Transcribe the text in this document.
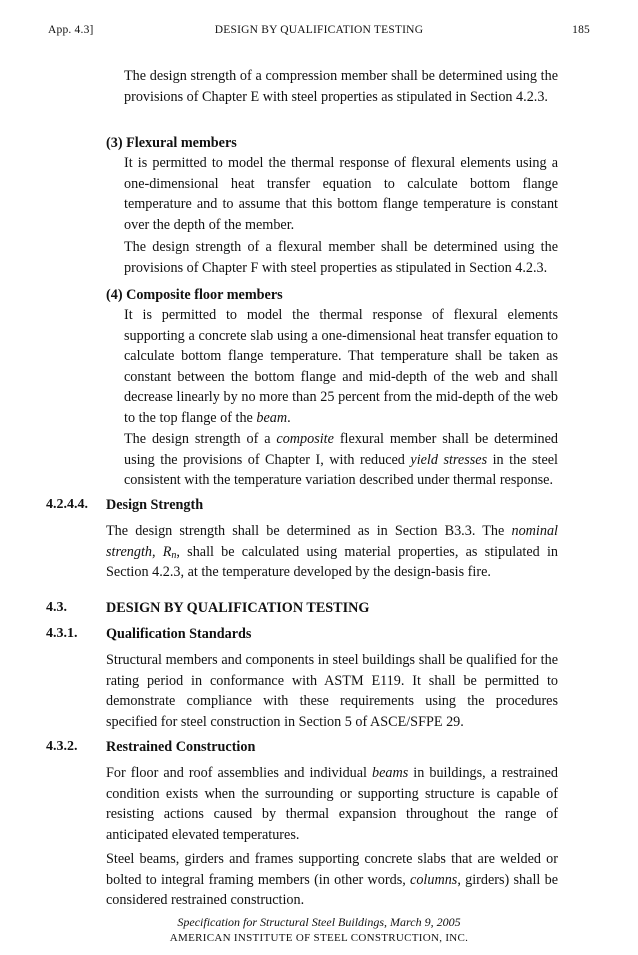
DESIGN BY QUALIFICATION TESTING
App. 4.3]	185

The design strength of a compression member shall be determined using the provisions of Chapter E with steel properties as stipulated in Section 4.2.3.

(3) Flexural members

It is permitted to model the thermal response of flexural elements using a one-dimensional heat transfer equation to calculate bottom flange temperature and to assume that this bottom flange temperature is constant over the depth of the member.

The design strength of a flexural member shall be determined using the provisions of Chapter F with steel properties as stipulated in Section 4.2.3.

(4) Composite floor members

It is permitted to model the thermal response of flexural elements supporting a concrete slab using a one-dimensional heat transfer equation to calculate bottom flange temperature. That temperature shall be taken as constant between the bottom flange and mid-depth of the web and shall decrease linearly by no more than 25 percent from the mid-depth of the web to the top flange of the beam.

The design strength of a composite flexural member shall be determined using the provisions of Chapter I, with reduced yield stresses in the steel consistent with the temperature variation described under thermal response.

4.2.4.4. Design Strength

The design strength shall be determined as in Section B3.3. The nominal strength, $R_n$, shall be calculated using material properties, as stipulated in Section 4.2.3, at the temperature developed by the design-basis fire.

4.3.	DESIGN BY QUALIFICATION TESTING
4.3.1. Qualification Standards

Structural members and components in steel buildings shall be qualified for the rating period in conformance with ASTM E119. It shall be permitted to demonstrate compliance with these requirements using the procedures specified for steel construction in Section 5 of ASCE/SFPE 29.

4.3.2. Restrained Construction

For floor and roof assemblies and individual beams in buildings, a restrained condition exists when the surrounding or supporting structure is capable of resisting actions caused by thermal expansion throughout the range of anticipated elevated temperatures.

Steel beams, girders and frames supporting concrete slabs that are welded or bolted to integral framing members (in other words, columns, girders) shall be considered restrained construction.

Specification for Structural Steel Buildings, March 9, 2005
AMERICAN INSTITUTE OF STEEL CONSTRUCTION, INC.
